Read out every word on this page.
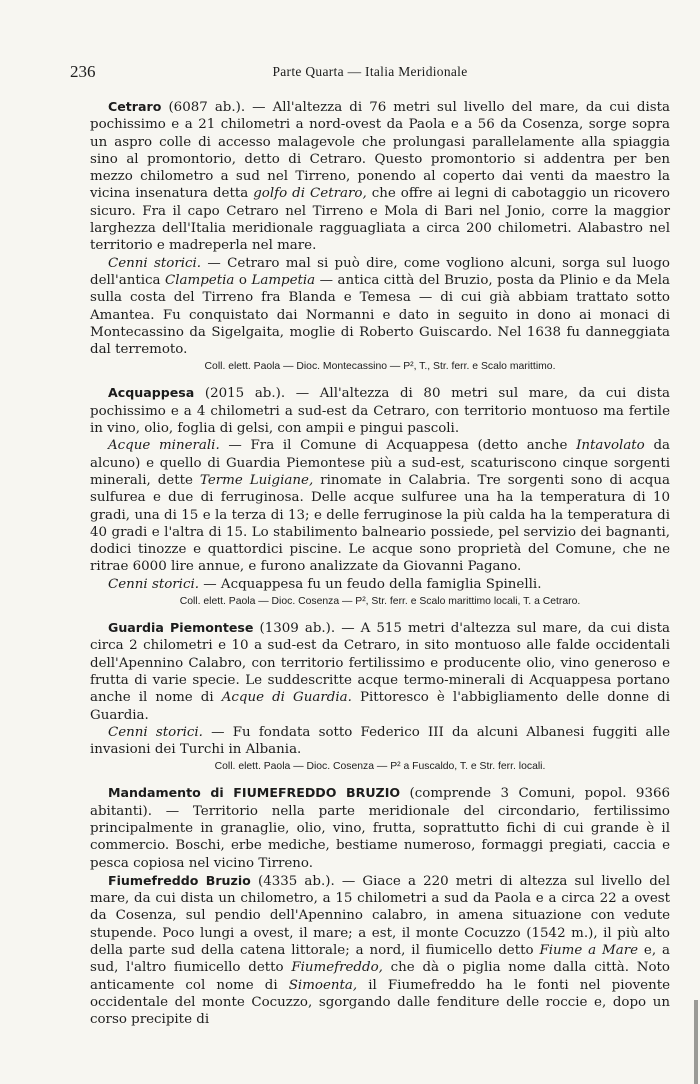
236	Parte Quarta — Italia Meridionale

Cetraro (6087 ab.). — All'altezza di 76 metri sul livello del mare, da cui dista pochissimo e a 21 chilometri a nord-ovest da Paola e a 56 da Cosenza, sorge sopra un aspro colle di accesso malagevole che prolungasi parallelamente alla spiaggia sino al promontorio, detto di Cetraro. Questo promontorio si addentra per ben mezzo chilometro a sud nel Tirreno, ponendo al coperto dai venti da maestro la vicina insenatura detta golfo di Cetraro, che offre ai legni di cabotaggio un ricovero sicuro. Fra il capo Cetraro nel Tirreno e Mola di Bari nel Jonio, corre la maggior larghezza dell'Italia meridionale ragguagliata a circa 200 chilometri. Alabastro nel territorio e madreperla nel mare.

Cenni storici. — Cetraro mal si può dire, come vogliono alcuni, sorga sul luogo dell'antica Clampetia o Lampetia — antica città del Bruzio, posta da Plinio e da Mela sulla costa del Tirreno fra Blanda e Temesa — di cui già abbiam trattato sotto Amantea. Fu conquistato dai Normanni e dato in seguito in dono ai monaci di Montecassino da Sigelgaita, moglie di Roberto Guiscardo. Nel 1638 fu danneggiata dal terremoto.

Coll. elett. Paola — Dioc. Montecassino — P², T., Str. ferr. e Scalo marittimo.

Acquappesa (2015 ab.). — All'altezza di 80 metri sul mare, da cui dista pochissimo e a 4 chilometri a sud-est da Cetraro, con territorio montuoso ma fertile in vino, olio, foglia di gelsi, con ampii e pingui pascoli.

Acque minerali. — Fra il Comune di Acquappesa (detto anche Intavolato da alcuno) e quello di Guardia Piemontese più a sud-est, scaturiscono cinque sorgenti minerali, dette Terme Luigiane, rinomate in Calabria. Tre sorgenti sono di acqua sulfurea e due di ferruginosa. Delle acque sulfuree una ha la temperatura di 10 gradi, una di 15 e la terza di 13; e delle ferruginose la più calda ha la temperatura di 40 gradi e l'altra di 15. Lo stabilimento balneario possiede, pel servizio dei bagnanti, dodici tinozze e quattordici piscine. Le acque sono proprietà del Comune, che ne ritrae 6000 lire annue, e furono analizzate da Giovanni Pagano.

Cenni storici. — Acquappesa fu un feudo della famiglia Spinelli.

Coll. elett. Paola — Dioc. Cosenza — P², Str. ferr. e Scalo marittimo locali, T. a Cetraro.

Guardia Piemontese (1309 ab.). — A 515 metri d'altezza sul mare, da cui dista circa 2 chilometri e 10 a sud-est da Cetraro, in sito montuoso alle falde occidentali dell'Apennino Calabro, con territorio fertilissimo e producente olio, vino generoso e frutta di varie specie. Le suddescritte acque termo-minerali di Acquappesa portano anche il nome di Acque di Guardia. Pittoresco è l'abbigliamento delle donne di Guardia.

Cenni storici. — Fu fondata sotto Federico III da alcuni Albanesi fuggiti alle invasioni dei Turchi in Albania.

Coll. elett. Paola — Dioc. Cosenza — P² a Fuscaldo, T. e Str. ferr. locali.

Mandamento di FIUMEFREDDO BRUZIO (comprende 3 Comuni, popol. 9366 abitanti). — Territorio nella parte meridionale del circondario, fertilissimo principalmente in granaglie, olio, vino, frutta, soprattutto fichi di cui grande è il commercio. Boschi, erbe mediche, bestiame numeroso, formaggi pregiati, caccia e pesca copiosa nel vicino Tirreno.

Fiumefreddo Bruzio (4335 ab.). — Giace a 220 metri di altezza sul livello del mare, da cui dista un chilometro, a 15 chilometri a sud da Paola e a circa 22 a ovest da Cosenza, sul pendio dell'Apennino calabro, in amena situazione con vedute stupende. Poco lungi a ovest, il mare; a est, il monte Cocuzzo (1542 m.), il più alto della parte sud della catena littorale; a nord, il fiumicello detto Fiume a Mare e, a sud, l'altro fiumicello detto Fiumefreddo, che dà o piglia nome dalla città. Noto anticamente col nome di Simoenta, il Fiumefreddo ha le fonti nel piovente occidentale del monte Cocuzzo, sgorgando dalle fenditure delle roccie e, dopo un corso precipite di
